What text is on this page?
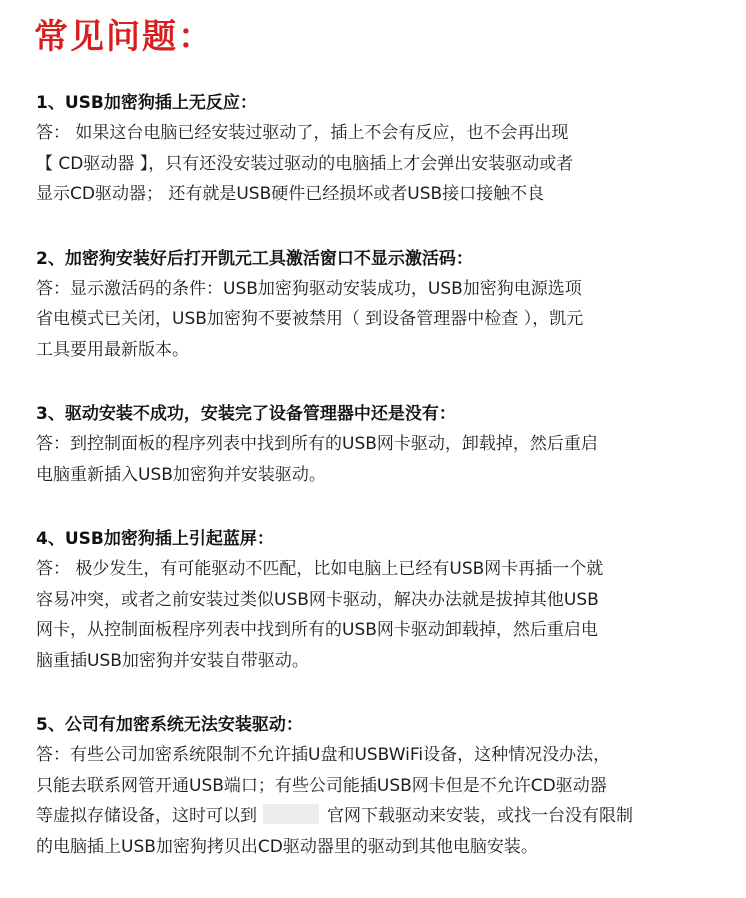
常见问题：
1、USB加密狗插上无反应：
答： 如果这台电脑已经安装过驱动了，插上不会有反应，也不会再出现
【 CD驱动器 】，只有还没安装过驱动的电脑插上才会弹出安装驱动或者
显示CD驱动器； 还有就是USB硬件已经损坏或者USB接口接触不良
2、加密狗安装好后打开凯元工具激活窗口不显示激活码：
答：显示激活码的条件：USB加密狗驱动安装成功，USB加密狗电源选项
省电模式已关闭，USB加密狗不要被禁用（ 到设备管理器中检查 ），凯元
工具要用最新版本。
3、驱动安装不成功，安装完了设备管理器中还是没有：
答：到控制面板的程序列表中找到所有的USB网卡驱动，卸载掉，然后重启
电脑重新插入USB加密狗并安装驱动。
4、USB加密狗插上引起蓝屏：
答： 极少发生，有可能驱动不匹配，比如电脑上已经有USB网卡再插一个就
容易冲突，或者之前安装过类似USB网卡驱动，解决办法就是拔掉其他USB
网卡，从控制面板程序列表中找到所有的USB网卡驱动卸载掉，然后重启电
脑重插USB加密狗并安装自带驱动。
5、公司有加密系统无法安装驱动：
答：有些公司加密系统限制不允许插U盘和USBWiFi设备，这种情况没办法，
只能去联系网管开通USB端口；有些公司能插USB网卡但是不允许CD驱动器
等虚拟存储设备，这时可以到	官网下载驱动来安装，或找一台没有限制
的电脑插上USB加密狗拷贝出CD驱动器里的驱动到其他电脑安装。
